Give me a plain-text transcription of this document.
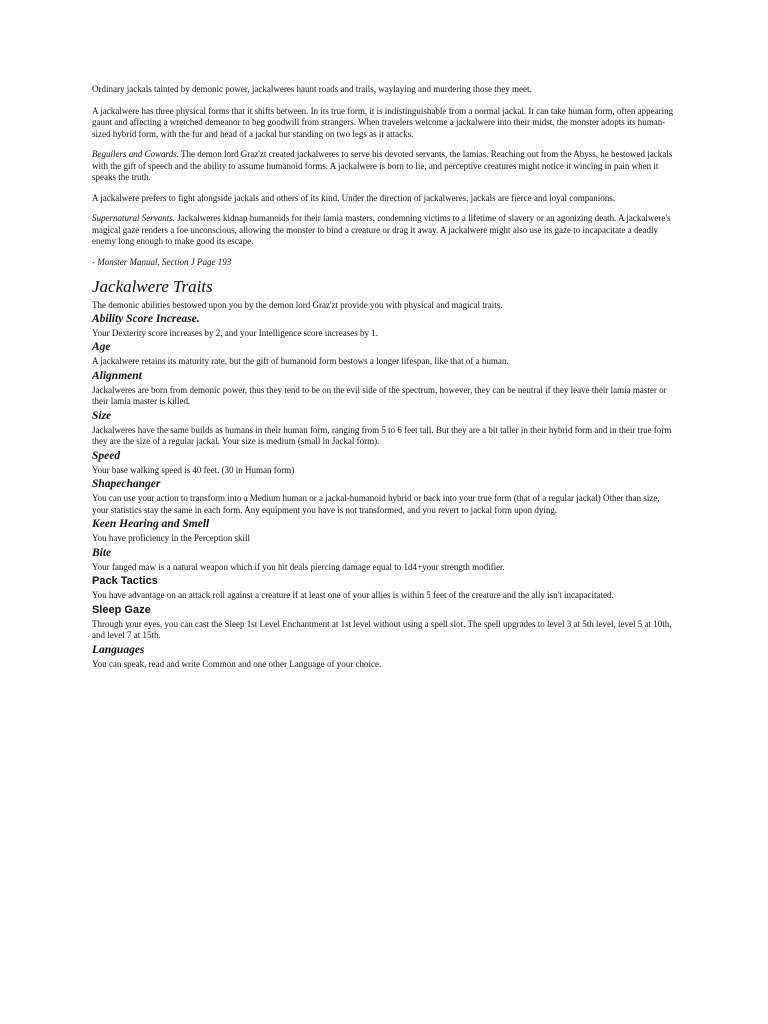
Ordinary jackals tainted by demonic power, jackalweres haunt roads and trails, waylaying and murdering those they meet.

A jackalwere has three physical forms that it shifts between. In its true form, it is indistinguishable from a normal jackal. It can take human form, often appearing gaunt and affecting a wretched demeanor to beg goodwill from strangers. When travelers welcome a jackalwere into their midst, the monster adopts its human-sized hybrid form, with the fur and head of a jackal but standing on two legs as it attacks.

Beguilers and Cowards. The demon lord Graz'zt created jackalweres to serve his devoted servants, the lamias. Reaching out from the Abyss, he bestowed jackals with the gift of speech and the ability to assume humanoid forms. A jackalwere is born to lie, and perceptive creatures might notice it wincing in pain when it speaks the truth.

A jackalwere prefers to fight alongside jackals and others of its kind. Under the direction of jackalweres, jackals are fierce and loyal companions.

Supernatural Servants. Jackalweres kidnap humanoids for their lamia masters, condemning victims to a lifetime of slavery or an agonizing death. A jackalwere's magical gaze renders a foe unconscious, allowing the monster to bind a creature or drag it away. A jackalwere might also use its gaze to incapacitate a deadly enemy long enough to make good its escape.

- Monster Manual, Section J Page 193

Jackalwere Traits

The demonic abilities bestowed upon you by the demon lord Graz'zt provide you with physical and magical traits.

Ability Score Increase.

Your Dexterity score increases by 2, and your Intelligence score increases by 1.

Age

A jackalwere retains its maturity rate, but the gift of humanoid form bestows a longer lifespan, like that of a human.

Alignment

Jackalweres are born from demonic power, thus they tend to be on the evil side of the spectrum, however, they can be neutral if they leave their lamia master or their lamia master is killed.

Size

Jackalweres have the same builds as humans in their human form, ranging from 5 to 6 feet tall. But they are a bit taller in their hybrid form and in their true form they are the size of a regular jackal. Your size is medium (small in Jackal form).

Speed

Your base walking speed is 40 feet. (30 in Human form)

Shapechanger

You can use your action to transform into a Medium human or a jackal-humanoid hybrid or back into your true form (that of a regular jackal) Other than size, your statistics stay the same in each form. Any equipment you have is not transformed, and you revert to jackal form upon dying.

Keen Hearing and Smell

You have proficiency in the Perception skill

Bite

Your fanged maw is a natural weapon which if you hit deals piercing damage equal to 1d4+your strength modifier.

Pack Tactics

You have advantage on an attack roll against a creature if at least one of your allies is within 5 feet of the creature and the ally isn't incapacitated.

Sleep Gaze

Through your eyes, you can cast the Sleep 1st Level Enchantment at 1st level without using a spell slot. The spell upgrades to level 3 at 5th level, level 5 at 10th, and level 7 at 15th.

Languages

You can speak, read and write Common and one other Language of your choice.
